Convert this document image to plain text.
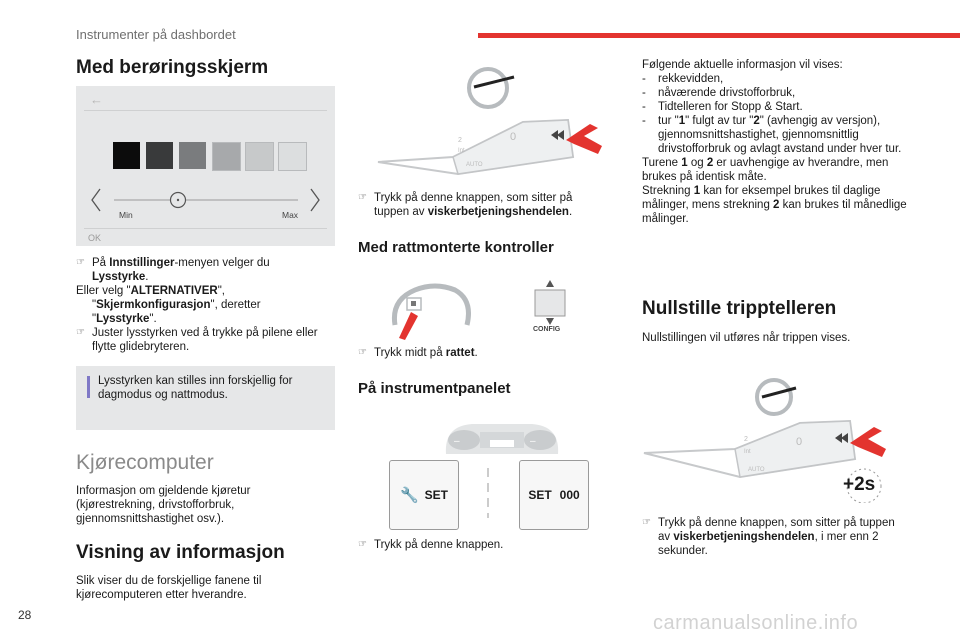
Instrumenter på dashbordet
Med berøringsskjerm
←
Min	Max
OK

☞ På Innstillinger-menyen velger du
Lysstyrke.

Eller velg "ALTERNATIVER",

"Skjermkonfigurasjon", deretter
"Lysstyrke".

☞ Juster lysstyrken ved å trykke på pilene eller flytte glidebryteren.

Lysstyrken kan stilles inn forskjellig for dagmodus og nattmodus.
Kjørecomputer
Informasjon om gjeldende kjøretur (kjørestrekning, drivstofforbruk, gjennomsnittshastighet osv.).
Visning av informasjon
Slik viser du de forskjellige fanene til kjørecomputeren etter hverandre.
2
Int
AUTO
0

☞ Trykk på denne knappen, som sitter på tuppen av viskerbetjeningshendelen.

Med rattmonterte kontroller
CONFIG

☞ Trykk midt på rattet.

På instrumentpanelet
–	–
🔧 SET	SET 000

☞ Trykk på denne knappen.

Følgende aktuelle informasjon vil vises:

- rekkevidden,

- nåværende drivstofforbruk,

- Tidtelleren for Stopp & Start.

- tur "1" fulgt av tur "2" (avhengig av versjon), gjennomsnittshastighet, gjennomsnittlig drivstofforbruk og avlagt avstand under hver tur.

Turene 1 og 2 er uavhengige av hverandre, men brukes på identisk måte.

Strekning 1 kan for eksempel brukes til daglige målinger, mens strekning 2 kan brukes til månedlige målinger.

Nullstille tripptelleren
Nullstillingen vil utføres når trippen vises.
2
Int
AUTO
0
+2s

☞ Trykk på denne knappen, som sitter på tuppen av viskerbetjeningshendelen, i mer enn 2 sekunder.

28	carmanualsonline.info
